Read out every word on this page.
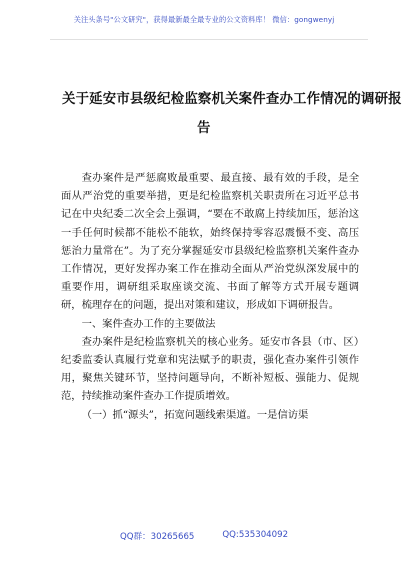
关注头条号"公文研究"，获得最新最全最专业的公文资料库！ 微信：gongwenyj
关于延安市县级纪检监察机关案件查办工作情况的调研报
告

查办案件是严惩腐败最重要、最直接、最有效的手段，是全面从严治党的重要举措，更是纪检监察机关职责所在习近平总书记在中央纪委二次全会上强调，“要在不敢腐上持续加压，惩治这一手任何时候都不能松不能软，始终保持零容忍震慑不变、高压惩治力量常在”。为了充分掌握延安市县级纪检监察机关案件查办工作情况，更好发挥办案工作在推动全面从严治党纵深发展中的重要作用，调研组采取座谈交流、书面了解等方式开展专题调研，梳理存在的问题，提出对策和建议，形成如下调研报告。

一、案件查办工作的主要做法

查办案件是纪检监察机关的核心业务。延安市各县（市、区）纪委监委认真履行党章和宪法赋予的职责，强化查办案件引领作用，聚焦关键环节，坚持问题导向，不断补短板、强能力、促规范，持续推动案件查办工作提质增效。

（一）抓“源头”，拓宽问题线索渠道。一是信访渠

QQ群：30265665	QQ:535304092
